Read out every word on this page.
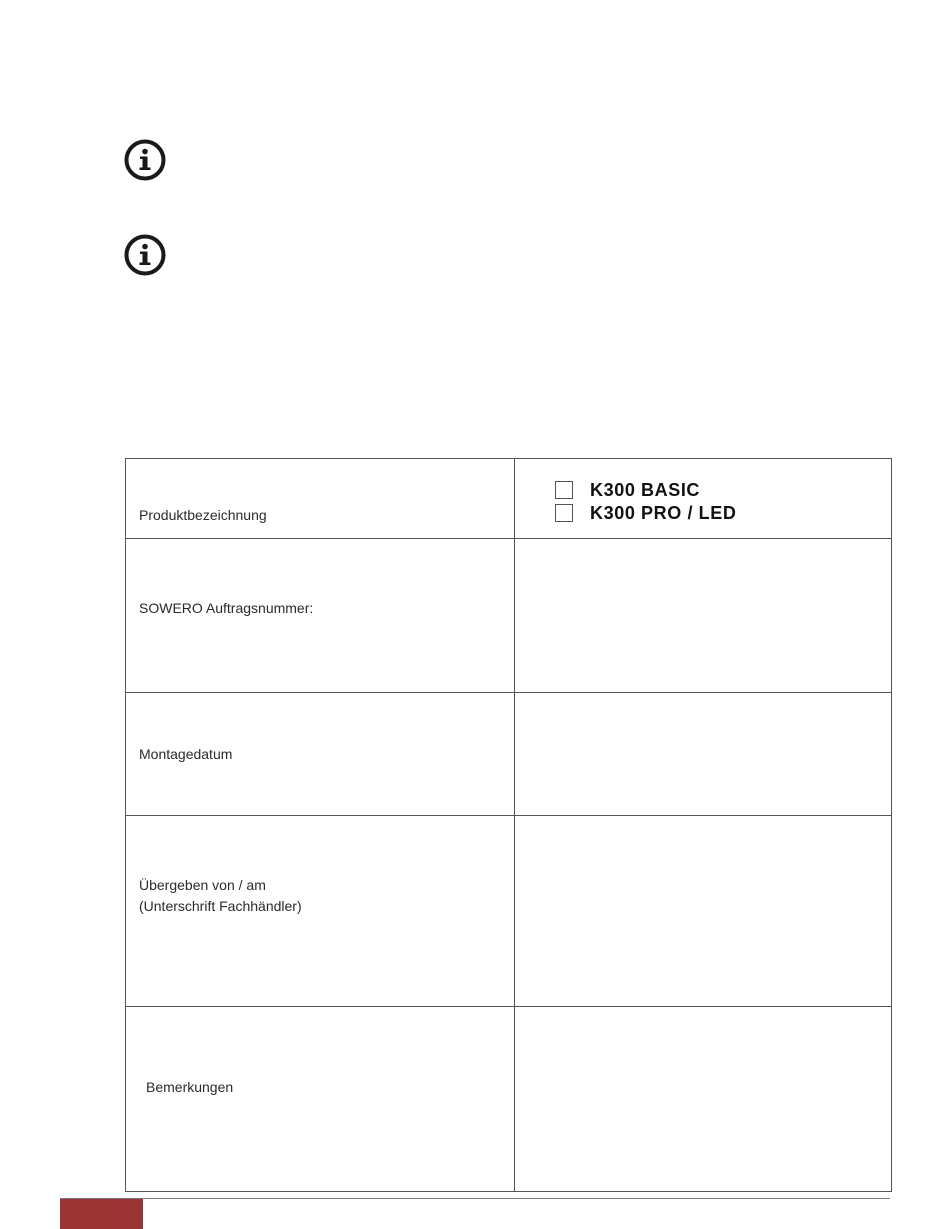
Produktbezeichnung	K300 BASIC
K300 PRO / LED

SOWERO Auftragsnummer:	
Montagedatum	

Übergeben von / am
(Unterschrift Fachhändler)	

Bemerkungen	
